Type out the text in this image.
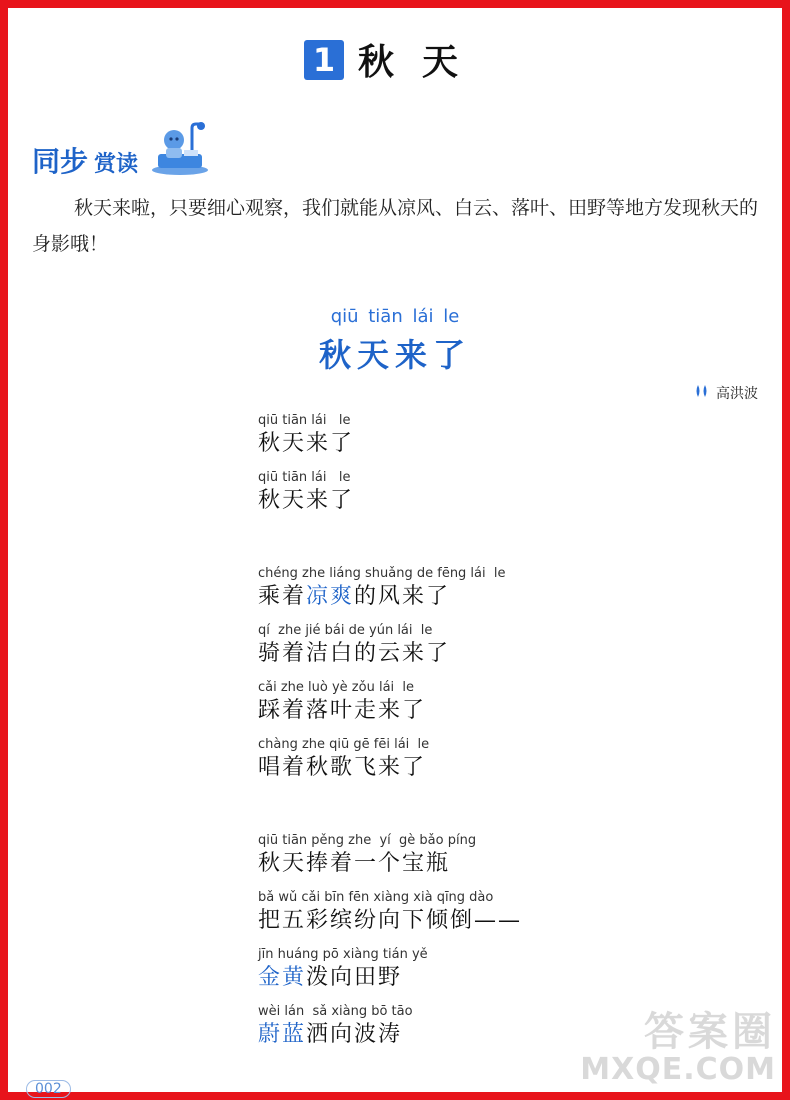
1 秋天
同步 赏读
秋天来啦，只要细心观察，我们就能从凉风、白云、落叶、田野等地方发现秋天的身影哦！
qiū tiān lái le
秋天来了
高洪波
qiū tiān lái   le
秋天来了
qiū tiān lái   le
秋天来了
chéng zhe liáng shuǎng de fēng lái  le
乘着凉爽的风来了
qí  zhe jié bái de yún lái  le
骑着洁白的云来了
cǎi zhe luò yè zǒu lái  le
踩着落叶走来了
chàng zhe qiū gē fēi lái  le
唱着秋歌飞来了
qiū tiān pěng zhe  yí  gè bǎo píng
秋天捧着一个宝瓶
bǎ wǔ cǎi bīn fēn xiàng xià qīng dào
把五彩缤纷向下倾倒——
jīn huáng pō xiàng tián yě
金黄泼向田野
wèi lán  sǎ xiàng bō tāo
蔚蓝洒向波涛
002
答案圈
MXQE.COM
